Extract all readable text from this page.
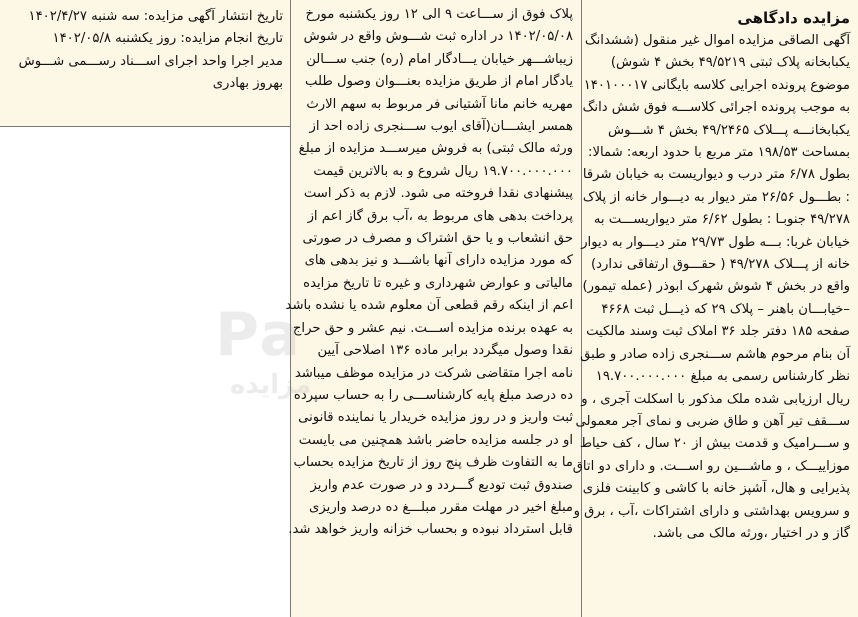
مزایده دادگاهی

آگهی الصاقی مزایده اموال غیر منقول (ششدانگ
یکبابخانه پلاک ثبتی ۴۹/۵۲۱۹ بخش ۴ شوش)
موضوع پرونده اجرایی کلاسه بایگانی ۱۴۰۱۰۰۰۱۷
به موجب پرونده اجرائی کلاســـه فوق شش دانگ
یکبابخانـــه پـــلاک ۴۹/۲۴۶۵ بخش ۴ شـــوش
بمساحت ۱۹۸/۵۳ متر مربع با حدود اربعه: شمالا:
بطول ۶/۷۸ متر درب و دیواریست به خیابان شرقا
: بطـــول ۲۶/۵۶ متر دیوار به دیـــوار خانه از پلاک
۴۹/۲۷۸ جنوبـا : بطول ۶/۶۲ متر دیواریســـت به
خیابان غربا: بـــه طول ۲۹/۷۳ متر دیـــوار به دیوار
خانه از پـــلاک ۴۹/۲۷۸ ( حقـــوق ارتفاقی ندارد)
واقع در بخش ۴ شوش شهرک ابوذر (عمله تیمور)
–خیابـــان باهنر – پلاک ۲۹ که ذیـــل ثبت ۴۶۶۸
صفحه ۱۸۵ دفتر جلد ۳۶ املاک ثبت وسند مالکیت
آن بنام مرحوم هاشم ســـنجری زاده صادر و طبق
نظر کارشناس رسمی به مبلغ ۱۹.۷۰۰.۰۰۰.۰۰۰
ریال ارزیابی شده ملک مذکور با اسکلت آجری ، و
ســـقف تیر آهن و طاق ضربی و نمای آجر معمولی
و ســـرامیک و قدمت بیش از ۲۰ سال ، کف حیاط
موزاییـــک ، و ماشـــین رو اســـت. و دارای دو اتاق
پذیرایی و هال، آشپز خانه با کاشی و کابینت فلزی
و سرویس بهداشتی و دارای اشتراکات ،آب ، برق و
گاز و در اختیار ،ورثه مالک می باشد.
پلاک فوق از ســـاعت ۹ الی ۱۲ روز یکشنبه مورخ
۱۴۰۲/۰۵/۰۸ در اداره ثبت شـــوش واقع در شوش
زیباشـــهر خیابان یـــادگار امام (ره) جنب ســـالن
یادگار امام از طریق مزایده بعنـــوان وصول طلب
مهریه خانم مانا آشتیانی فر مربوط به سهم الارث
همسر ایشـــان(آقای ایوب ســـنجری زاده احد از
ورثه مالک ثبتی) به فروش میرســـد مزایده از مبلغ
۱۹.۷۰۰.۰۰۰.۰۰۰ ریال شروع و به بالاترین قیمت
پیشنهادی نقدا فروخته می شود. لازم به ذکر است
پرداخت بدهی های مربوط به ،آب برق گاز اعم از
حق انشعاب و یا حق اشتراک و مصرف در صورتی
که مورد مزایده دارای آنها باشـــد و نیز بدهی های
مالیاتی و عوارض شهرداری و غیره تا تاریخ مزایده
اعم از اینکه رقم قطعی آن معلوم شده یا نشده باشد
به عهده برنده مزایده اســـت. نیم عشر و حق حراج
نقدا وصول میگردد برابر ماده ۱۳۶ اصلاحی آیین
نامه اجرا متقاضی شرکت در مزایده موظف میباشد
ده درصد مبلغ پایه کارشناســـی را به حساب سپرده
ثبت واریز و در روز مزایده خریدار یا نماینده قانونی
او در جلسه مزایده حاضر باشد همچنین می بایست
ما به التفاوت ظرف پنج روز از تاریخ مزایده بحساب
صندوق ثبت تودیع گـــردد و در صورت عدم واریز
مبلغ اخیر در مهلت مقرر مبلـــغ ده درصد واریزی
قابل استرداد نبوده و بحساب خزانه واریز خواهد شد.
تاریخ انتشار آگهی مزایده: سه شنبه ۱۴۰۲/۴/۲۷
تاریخ انجام مزایده: روز یکشنبه ۱۴۰۲/۰۵/۸
مدیر اجرا واحد اجرای اســـناد رســـمی شـــوش
بهروز بهادری
